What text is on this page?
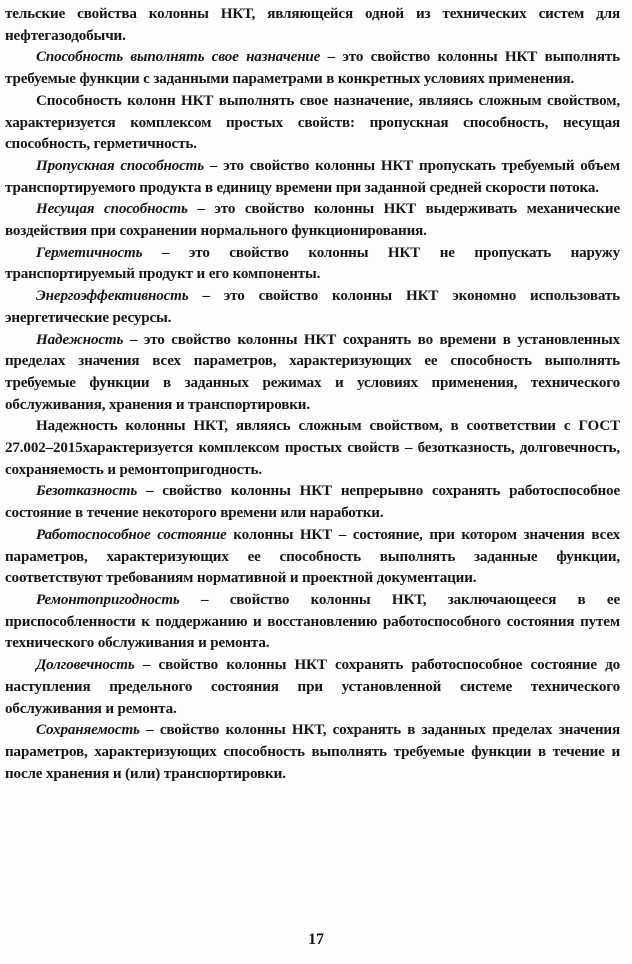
тельские свойства колонны НКТ, являющейся одной из технических систем для нефтегазодобычи.

Способность выполнять свое назначение – это свойство колонны НКТ выполнять требуемые функции с заданными параметрами в конкретных условиях применения.

Способность колонн НКТ выполнять свое назначение, являясь сложным свойством, характеризуется комплексом простых свойств: пропускная способность, несущая способность, герметичность.

Пропускная способность – это свойство колонны НКТ пропускать требуемый объем транспортируемого продукта в единицу времени при заданной средней скорости потока.

Несущая способность – это свойство колонны НКТ выдерживать механические воздействия при сохранении нормального функционирования.

Герметичность – это свойство колонны НКТ не пропускать наружу транспортируемый продукт и его компоненты.

Энергоэффективность – это свойство колонны НКТ экономно использовать энергетические ресурсы.

Надежность – это свойство колонны НКТ сохранять во времени в установленных пределах значения всех параметров, характеризующих ее способность выполнять требуемые функции в заданных режимах и условиях применения, технического обслуживания, хранения и транспортировки.

Надежность колонны НКТ, являясь сложным свойством, в соответствии с ГОСТ 27.002–2015характеризуется комплексом простых свойств – безотказность, долговечность, сохраняемость и ремонтопригодность.

Безотказность – свойство колонны НКТ непрерывно сохранять работоспособное состояние в течение некоторого времени или наработки.

Работоспособное состояние колонны НКТ – состояние, при котором значения всех параметров, характеризующих ее способность выполнять заданные функции, соответствуют требованиям нормативной и проектной документации.

Ремонтопригодность – свойство колонны НКТ, заключающееся в ее приспособленности к поддержанию и восстановлению работоспособного состояния путем технического обслуживания и ремонта.

Долговечность – свойство колонны НКТ сохранять работоспособное состояние до наступления предельного состояния при установленной системе технического обслуживания и ремонта.

Сохраняемость – свойство колонны НКТ, сохранять в заданных пределах значения параметров, характеризующих способность выполнять требуемые функции в течение и после хранения и (или) транспортировки.

17
